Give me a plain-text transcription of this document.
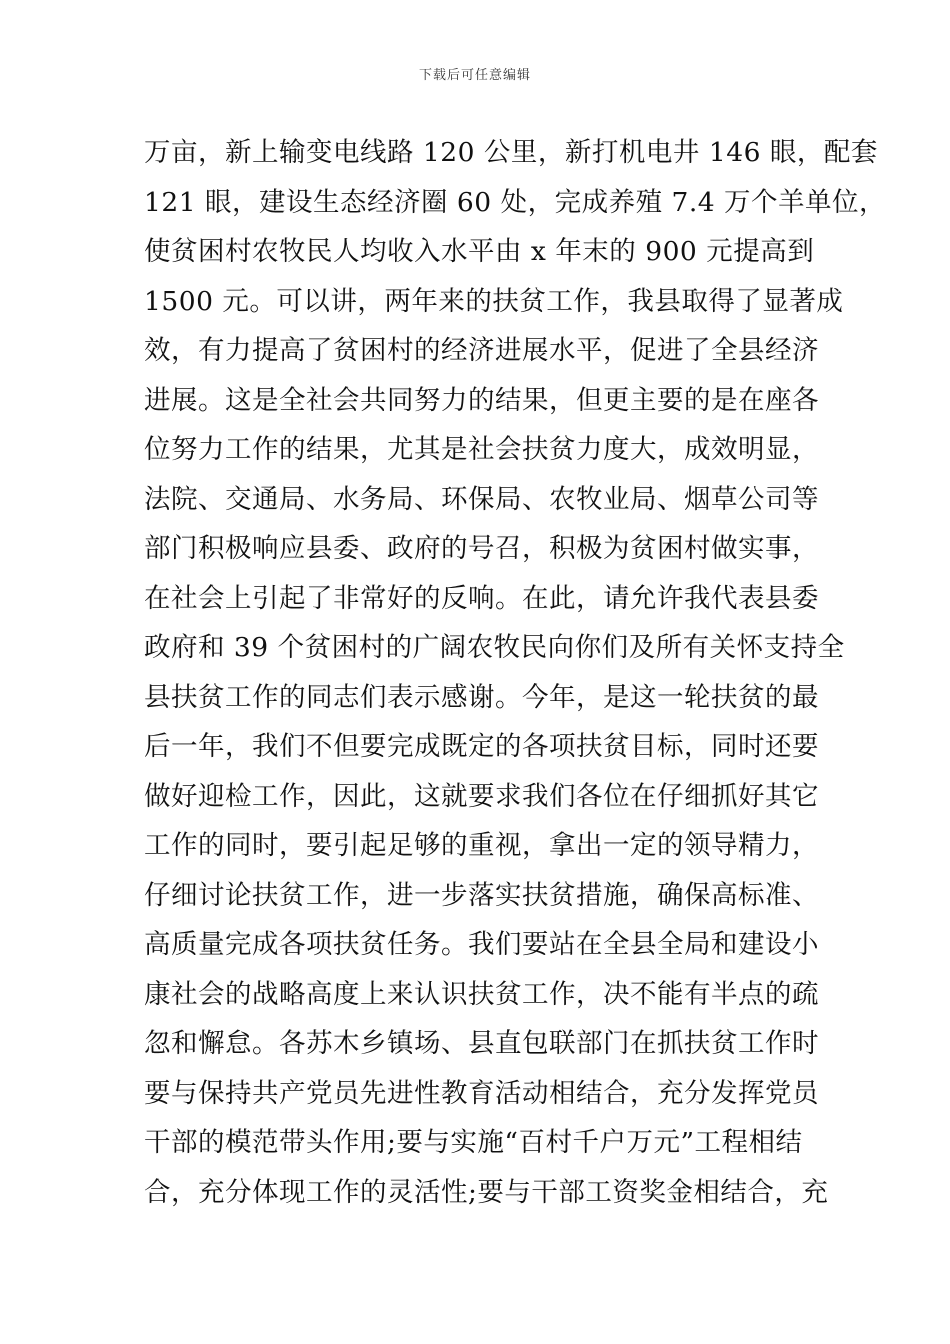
下载后可任意编辑
万亩，新上输变电线路 120 公里，新打机电井 146 眼，配套
121 眼，建设生态经济圈 60 处，完成养殖 7.4 万个羊单位，
使贫困村农牧民人均收入水平由 x 年末的 900 元提高到
1500 元。可以讲，两年来的扶贫工作，我县取得了显著成
效，有力提高了贫困村的经济进展水平，促进了全县经济
进展。这是全社会共同努力的结果，但更主要的是在座各
位努力工作的结果，尤其是社会扶贫力度大，成效明显，
法院、交通局、水务局、环保局、农牧业局、烟草公司等
部门积极响应县委、政府的号召，积极为贫困村做实事，
在社会上引起了非常好的反响。在此，请允许我代表县委
政府和 39 个贫困村的广阔农牧民向你们及所有关怀支持全
县扶贫工作的同志们表示感谢。今年，是这一轮扶贫的最
后一年，我们不但要完成既定的各项扶贫目标，同时还要
做好迎检工作，因此，这就要求我们各位在仔细抓好其它
工作的同时，要引起足够的重视，拿出一定的领导精力，
仔细讨论扶贫工作，进一步落实扶贫措施，确保高标准、
高质量完成各项扶贫任务。我们要站在全县全局和建设小
康社会的战略高度上来认识扶贫工作，决不能有半点的疏
忽和懈怠。各苏木乡镇场、县直包联部门在抓扶贫工作时
要与保持共产党员先进性教育活动相结合，充分发挥党员
干部的模范带头作用;要与实施“百村千户万元”工程相结
合，充分体现工作的灵活性;要与干部工资奖金相结合，充
